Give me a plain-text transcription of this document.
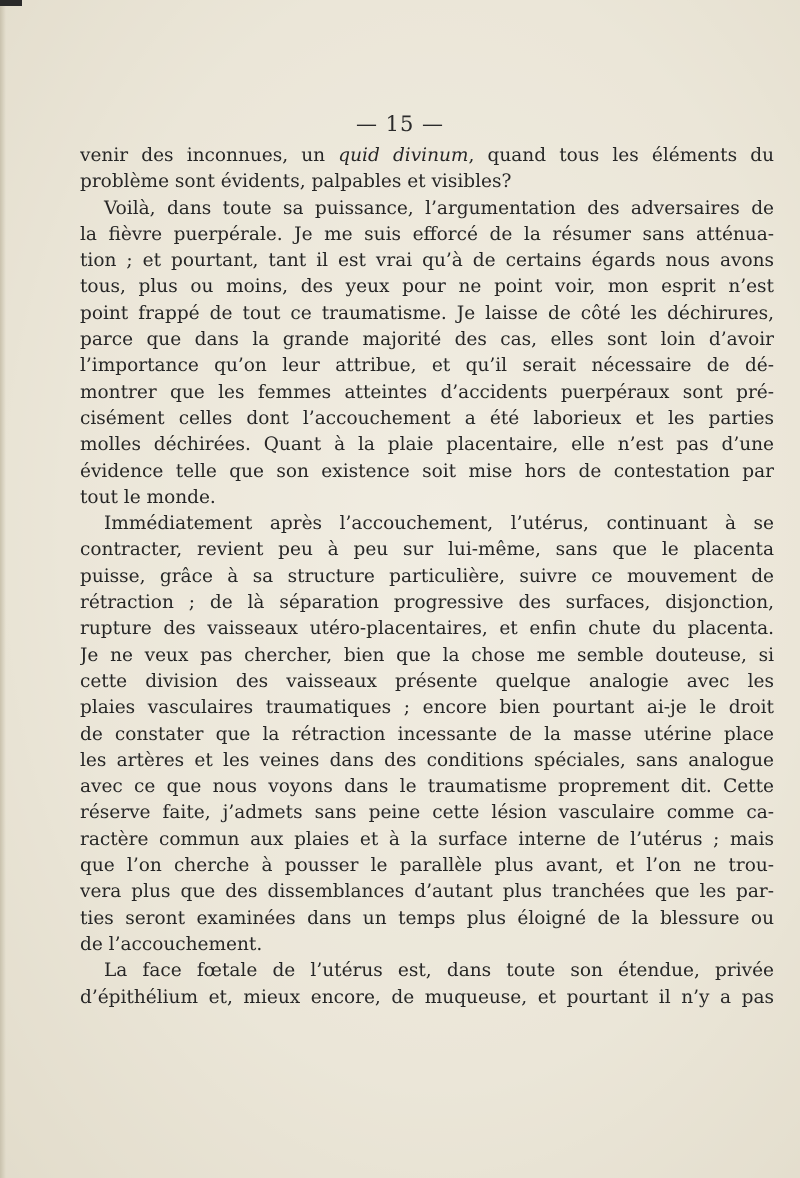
— 15 —
venir des inconnues, un quid divinum, quand tous les éléments du
problème sont évidents, palpables et visibles?
Voilà, dans toute sa puissance, l’argumentation des adversaires de
la fièvre puerpérale. Je me suis efforcé de la résumer sans atténua-
tion ; et pourtant, tant il est vrai qu’à de certains égards nous avons
tous, plus ou moins, des yeux pour ne point voir, mon esprit n’est
point frappé de tout ce traumatisme. Je laisse de côté les déchirures,
parce que dans la grande majorité des cas, elles sont loin d’avoir
l’importance qu’on leur attribue, et qu’il serait nécessaire de dé-
montrer que les femmes atteintes d’accidents puerpéraux sont pré-
cisément celles dont l’accouchement a été laborieux et les parties
molles déchirées. Quant à la plaie placentaire, elle n’est pas d’une
évidence telle que son existence soit mise hors de contestation par
tout le monde.
Immédiatement après l’accouchement, l’utérus, continuant à se
contracter, revient peu à peu sur lui-même, sans que le placenta
puisse, grâce à sa structure particulière, suivre ce mouvement de
rétraction ; de là séparation progressive des surfaces, disjonction,
rupture des vaisseaux utéro-placentaires, et enfin chute du placenta.
Je ne veux pas chercher, bien que la chose me semble douteuse, si
cette division des vaisseaux présente quelque analogie avec les
plaies vasculaires traumatiques ; encore bien pourtant ai-je le droit
de constater que la rétraction incessante de la masse utérine place
les artères et les veines dans des conditions spéciales, sans analogue
avec ce que nous voyons dans le traumatisme proprement dit. Cette
réserve faite, j’admets sans peine cette lésion vasculaire comme ca-
ractère commun aux plaies et à la surface interne de l’utérus ; mais
que l’on cherche à pousser le parallèle plus avant, et l’on ne trou-
vera plus que des dissemblances d’autant plus tranchées que les par-
ties seront examinées dans un temps plus éloigné de la blessure ou
de l’accouchement.
La face fœtale de l’utérus est, dans toute son étendue, privée
d’épithélium et, mieux encore, de muqueuse, et pourtant il n’y a pas
